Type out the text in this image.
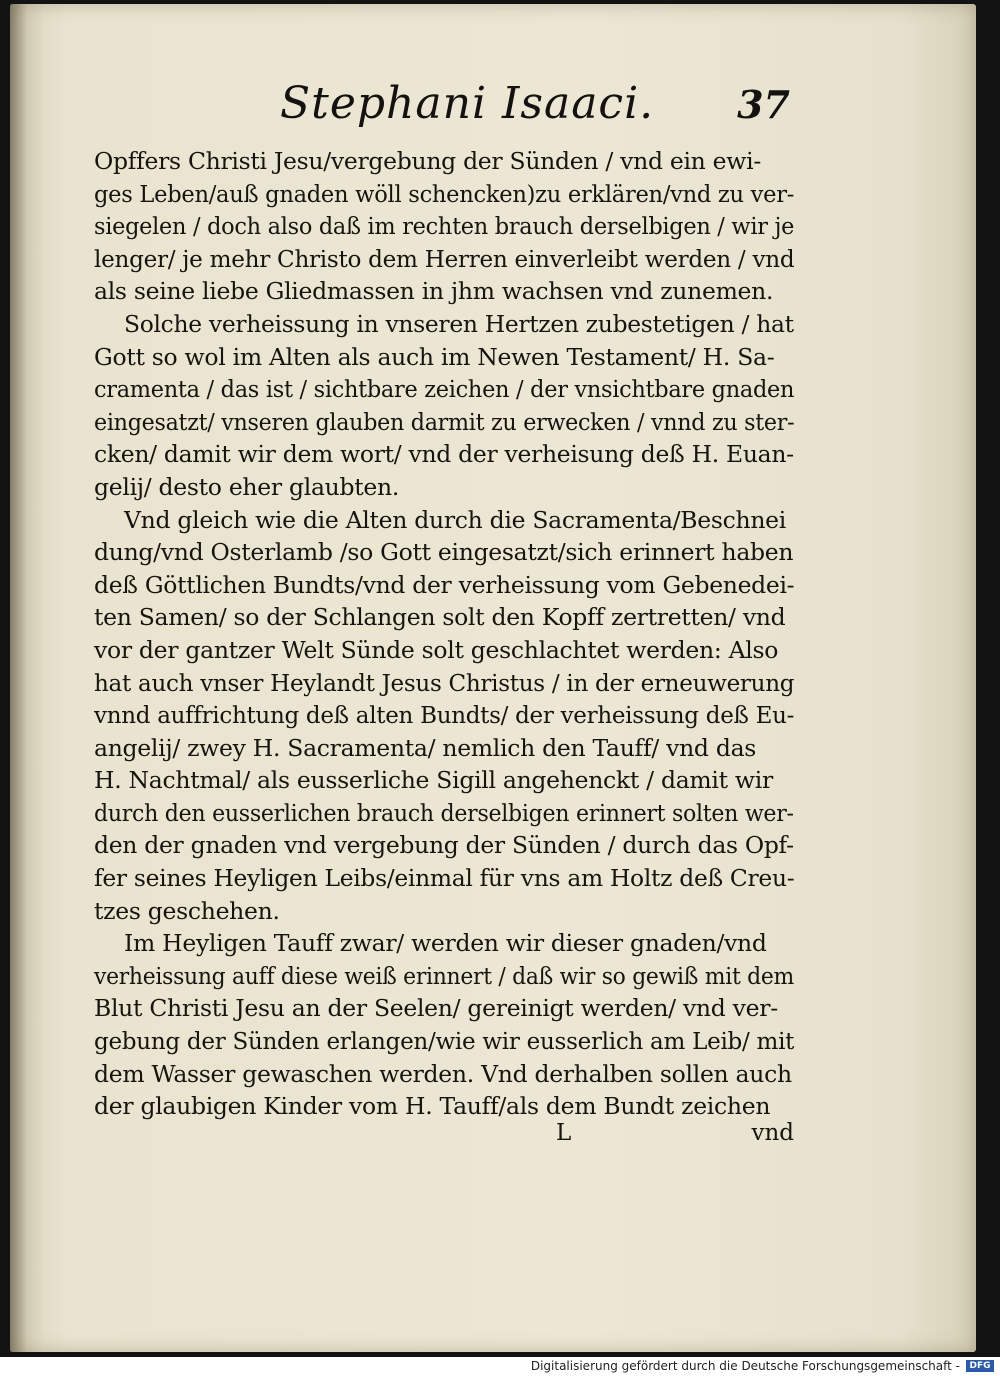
Stephani Isaaci. 37
Opffers Christi Jesu/vergebung der Sünden / vnd ein ewi-
ges Leben/auß gnaden wöll schencken)zu erklären/vnd zu ver-
siegelen / doch also daß im rechten brauch derselbigen / wir je
lenger/ je mehr Christo dem Herren einverleibt werden / vnd
als seine liebe Gliedmassen in jhm wachsen vnd zunemen.
Solche verheissung in vnseren Hertzen zubestetigen / hat
Gott so wol im Alten als auch im Newen Testament/ H. Sa-
cramenta / das ist / sichtbare zeichen / der vnsichtbare gnaden
eingesatzt/ vnseren glauben darmit zu erwecken / vnnd zu ster-
cken/ damit wir dem wort/ vnd der verheisung deß H. Euan-
gelij/ desto eher glaubten.
Vnd gleich wie die Alten durch die Sacramenta/Beschnei
dung/vnd Osterlamb /so Gott eingesatzt/sich erinnert haben
deß Göttlichen Bundts/vnd der verheissung vom Gebenedei-
ten Samen/ so der Schlangen solt den Kopff zertretten/ vnd
vor der gantzer Welt Sünde solt geschlachtet werden: Also
hat auch vnser Heylandt Jesus Christus / in der erneuwerung
vnnd auffrichtung deß alten Bundts/ der verheissung deß Eu-
angelij/ zwey H. Sacramenta/ nemlich den Tauff/ vnd das
H. Nachtmal/ als eusserliche Sigill angehenckt / damit wir
durch den eusserlichen brauch derselbigen erinnert solten wer-
den der gnaden vnd vergebung der Sünden / durch das Opf-
fer seines Heyligen Leibs/einmal für vns am Holtz deß Creu-
tzes geschehen.
Im Heyligen Tauff zwar/ werden wir dieser gnaden/vnd
verheissung auff diese weiß erinnert / daß wir so gewiß mit dem
Blut Christi Jesu an der Seelen/ gereinigt werden/ vnd ver-
gebung der Sünden erlangen/wie wir eusserlich am Leib/ mit
dem Wasser gewaschen werden. Vnd derhalben sollen auch
der glaubigen Kinder vom H. Tauff/als dem Bundt zeichen
L	vnd
Digitalisierung gefördert durch die Deutsche Forschungsgemeinschaft -	DFG
